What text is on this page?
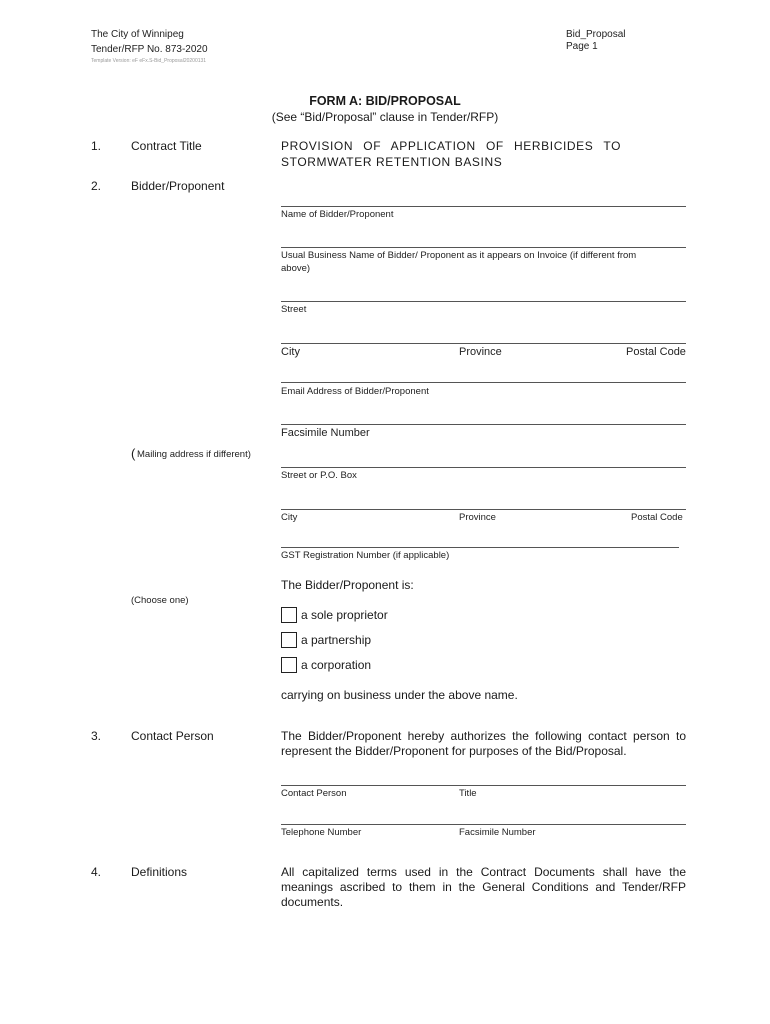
The City of Winnipeg
Tender/RFP No. 873-2020
Template Version: eF eFx.S-Bid_Proposal20200131
Bid_Proposal
Page 1
FORM A: BID/PROPOSAL
(See “Bid/Proposal” clause in Tender/RFP)
1. Contract Title	PROVISION OF APPLICATION OF HERBICIDES TO
STORMWATER RETENTION BASINS
2. Bidder/Proponent
Name of Bidder/Proponent
Usual Business Name of Bidder/ Proponent as it appears on Invoice (if different from
above)
Street
City	Province	Postal Code
Email Address of Bidder/Proponent
Facsimile Number
( Mailing address if different)
Street or P.O. Box
City	Province	Postal Code
GST Registration Number (if applicable)
The Bidder/Proponent is:
(Choose one)
a sole proprietor
a partnership
a corporation
carrying on business under the above name.
3. Contact Person	The Bidder/Proponent hereby authorizes the following contact person to represent the Bidder/Proponent for purposes of the Bid/Proposal.
Contact Person	Title
Telephone Number	Facsimile Number
4. Definitions	All capitalized terms used in the Contract Documents shall have the meanings ascribed to them in the General Conditions and Tender/RFP documents.
